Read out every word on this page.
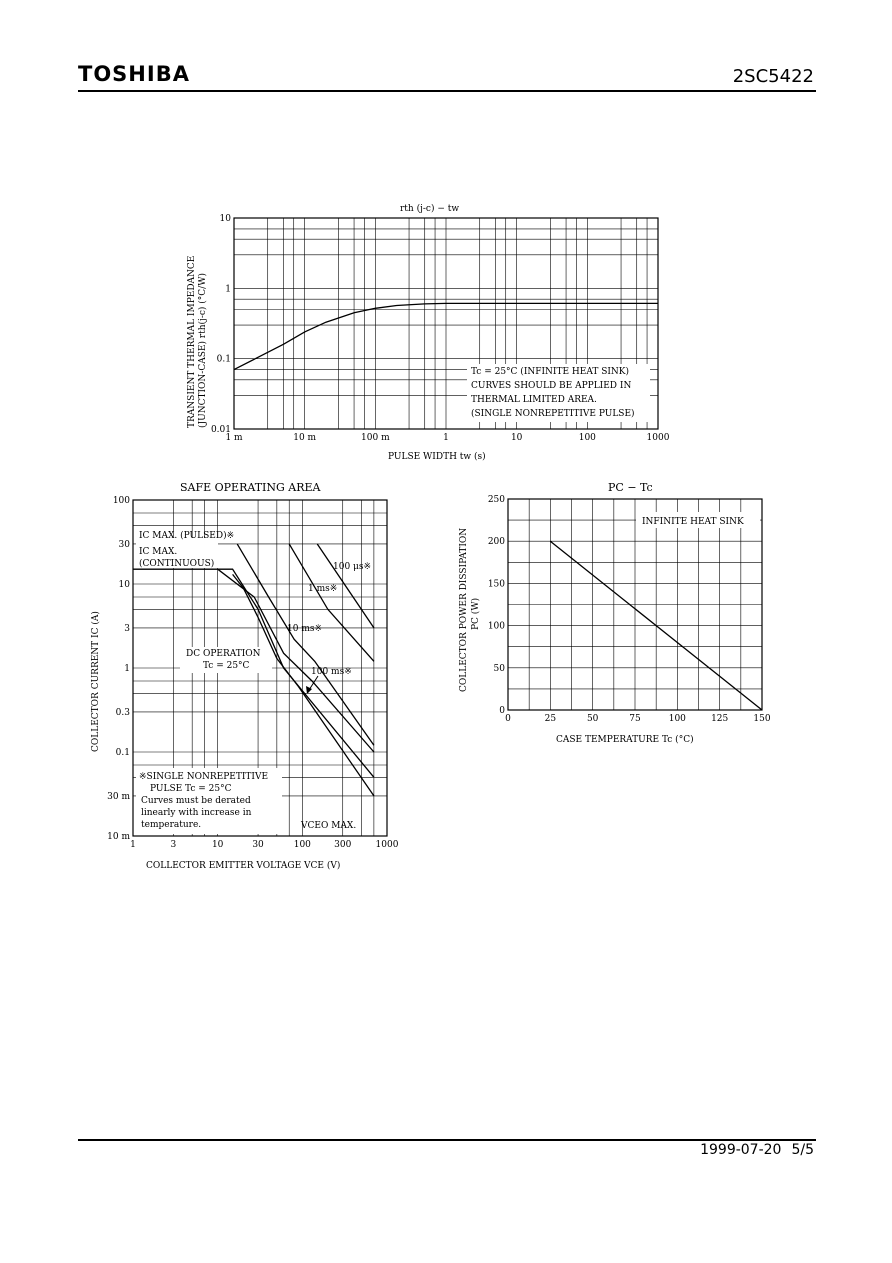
TOSHIBA	2SC5422
1999-07-20 5/5
rth (j-c) − tw
1 m	10 m	100 m	1	10	100	1000
0.01
0.1
1
10
PULSE WIDTH tw (s)
TRANSIENT THERMAL IMPEDANCE (JUNCTION-CASE) rth(j-c) (°C/W)	Tc = 25°C (INFINITE HEAT SINK)
CURVES SHOULD BE APPLIED IN
THERMAL LIMITED AREA.
(SINGLE NONREPETITIVE PULSE)
SAFE OPERATING AREA
1	3	10	30	100	300	1000
10 m
30 m
0.1
0.3
1
3
10
30
100
IC MAX. (PULSED)※
IC MAX.
(CONTINUOUS)	100 μs※
1 ms※
10 ms※
100 ms※
DC OPERATION
Tc = 25°C
VCEO MAX.
※SINGLE NONREPETITIVE
PULSE Tc = 25°C
Curves must be derated
linearly with increase in
temperature.
COLLECTOR EMITTER VOLTAGE VCE (V)
COLLECTOR CURRENT IC (A)
PC − Tc
INFINITE HEAT SINK
0	25	50	75	100	125	150
0
50
100
150
200
250
CASE TEMPERATURE Tc (°C)
COLLECTOR POWER DISSIPATION PC (W)
